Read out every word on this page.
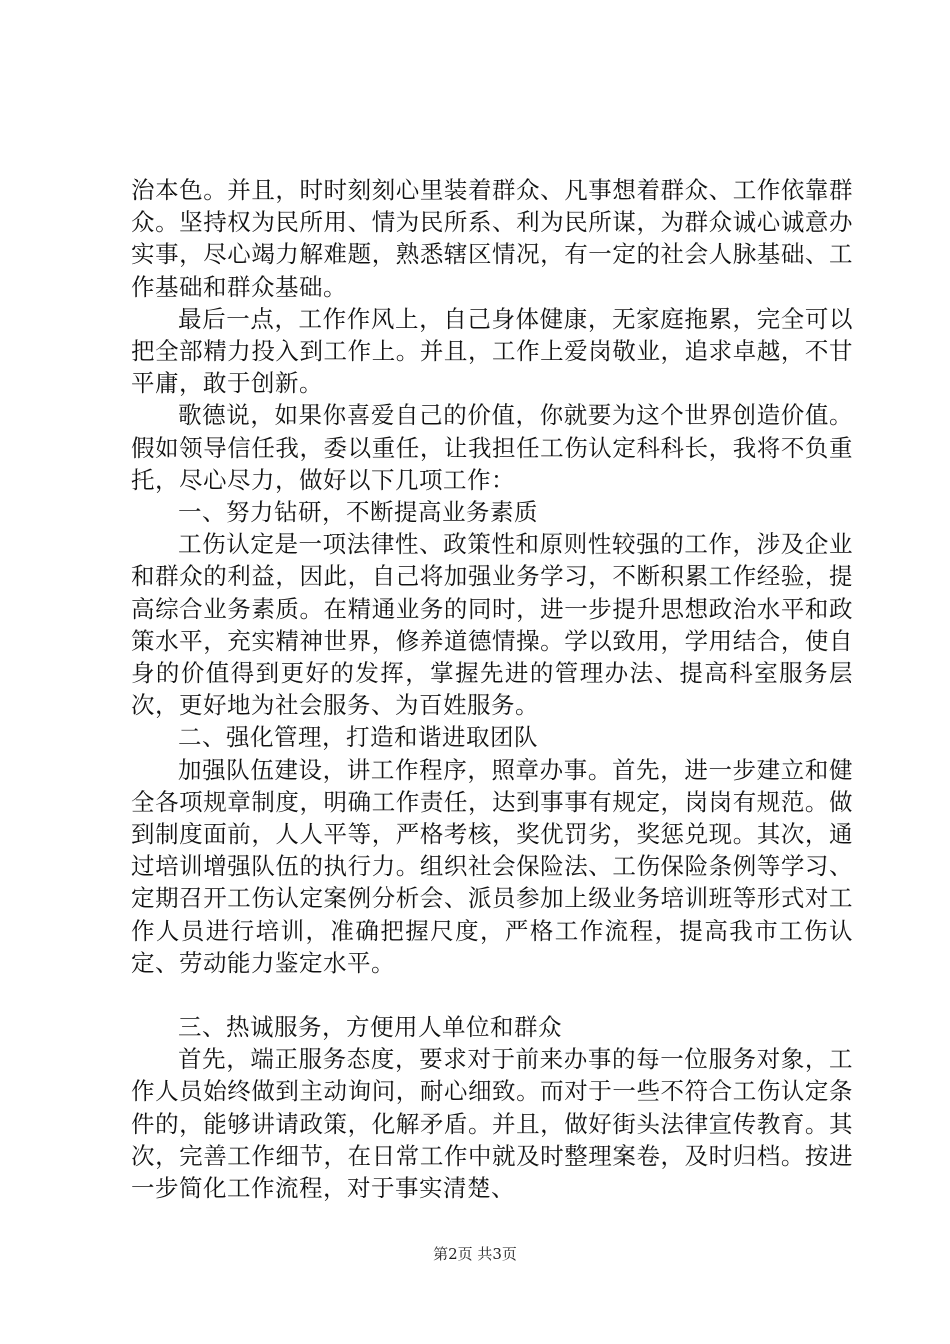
治本色。并且，时时刻刻心里装着群众、凡事想着群众、工作依靠群众。坚持权为民所用、情为民所系、利为民所谋，为群众诚心诚意办实事，尽心竭力解难题，熟悉辖区情况，有一定的社会人脉基础、工作基础和群众基础。

最后一点，工作作风上，自己身体健康，无家庭拖累，完全可以把全部精力投入到工作上。并且，工作上爱岗敬业，追求卓越，不甘平庸，敢于创新。

歌德说，如果你喜爱自己的价值，你就要为这个世界创造价值。假如领导信任我，委以重任，让我担任工伤认定科科长，我将不负重托，尽心尽力，做好以下几项工作：

一、努力钻研，不断提高业务素质

工伤认定是一项法律性、政策性和原则性较强的工作，涉及企业和群众的利益，因此，自己将加强业务学习，不断积累工作经验，提高综合业务素质。在精通业务的同时，进一步提升思想政治水平和政策水平，充实精神世界，修养道德情操。学以致用，学用结合，使自身的价值得到更好的发挥，掌握先进的管理办法、提高科室服务层次，更好地为社会服务、为百姓服务。

二、强化管理，打造和谐进取团队

加强队伍建设，讲工作程序，照章办事。首先，进一步建立和健全各项规章制度，明确工作责任，达到事事有规定，岗岗有规范。做到制度面前，人人平等，严格考核，奖优罚劣，奖惩兑现。其次，通过培训增强队伍的执行力。组织社会保险法、工伤保险条例等学习、定期召开工伤认定案例分析会、派员参加上级业务培训班等形式对工作人员进行培训，准确把握尺度，严格工作流程，提高我市工伤认定、劳动能力鉴定水平。

三、热诚服务，方便用人单位和群众

首先，端正服务态度，要求对于前来办事的每一位服务对象，工作人员始终做到主动询问，耐心细致。而对于一些不符合工伤认定条件的，能够讲请政策，化解矛盾。并且，做好街头法律宣传教育。其次，完善工作细节，在日常工作中就及时整理案卷，及时归档。按进一步简化工作流程，对于事实清楚、

第2页 共3页
